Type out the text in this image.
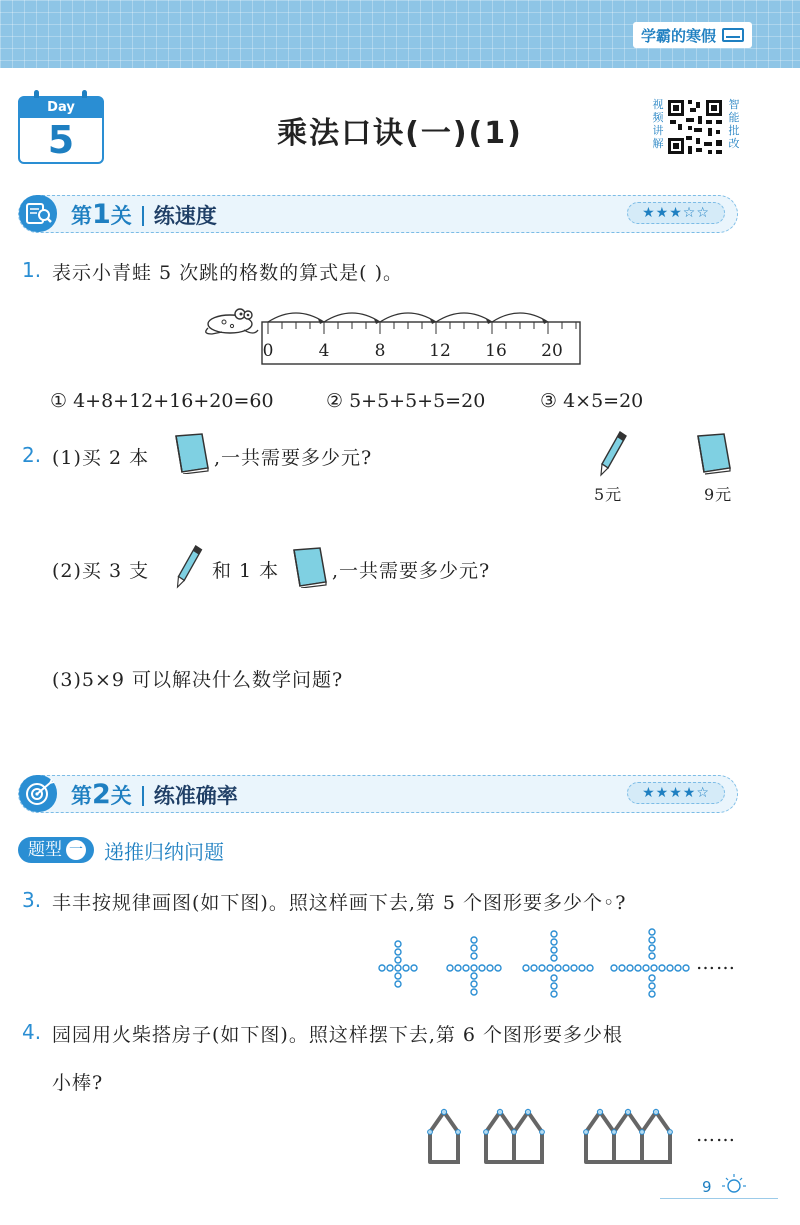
学霸的寒假
Day
5	乘法口诀(一)(1)
视
频
讲
解
智
能
批
改
第1关 练速度	★★★☆☆
1. 表示小青蛙 5 次跳的格数的算式是( )。
0	4	8	12 16 20
① 4+8+12+16+20=60	② 5+5+5+5=20	③ 4×5=20
2. (1)买 2 本	,一共需要多少元?
5元	9元
(2)买 3 支	和 1 本	,一共需要多少元?
(3)5×9 可以解决什么数学问题?
第2关 练准确率	★★★★☆
题型 一 递推归纳问题
3. 丰丰按规律画图(如下图)。照这样画下去,第 5 个图形要多少个◦?
……
4. 园园用火柴搭房子(如下图)。照这样摆下去,第 6 个图形要多少根
小棒?
……
9
